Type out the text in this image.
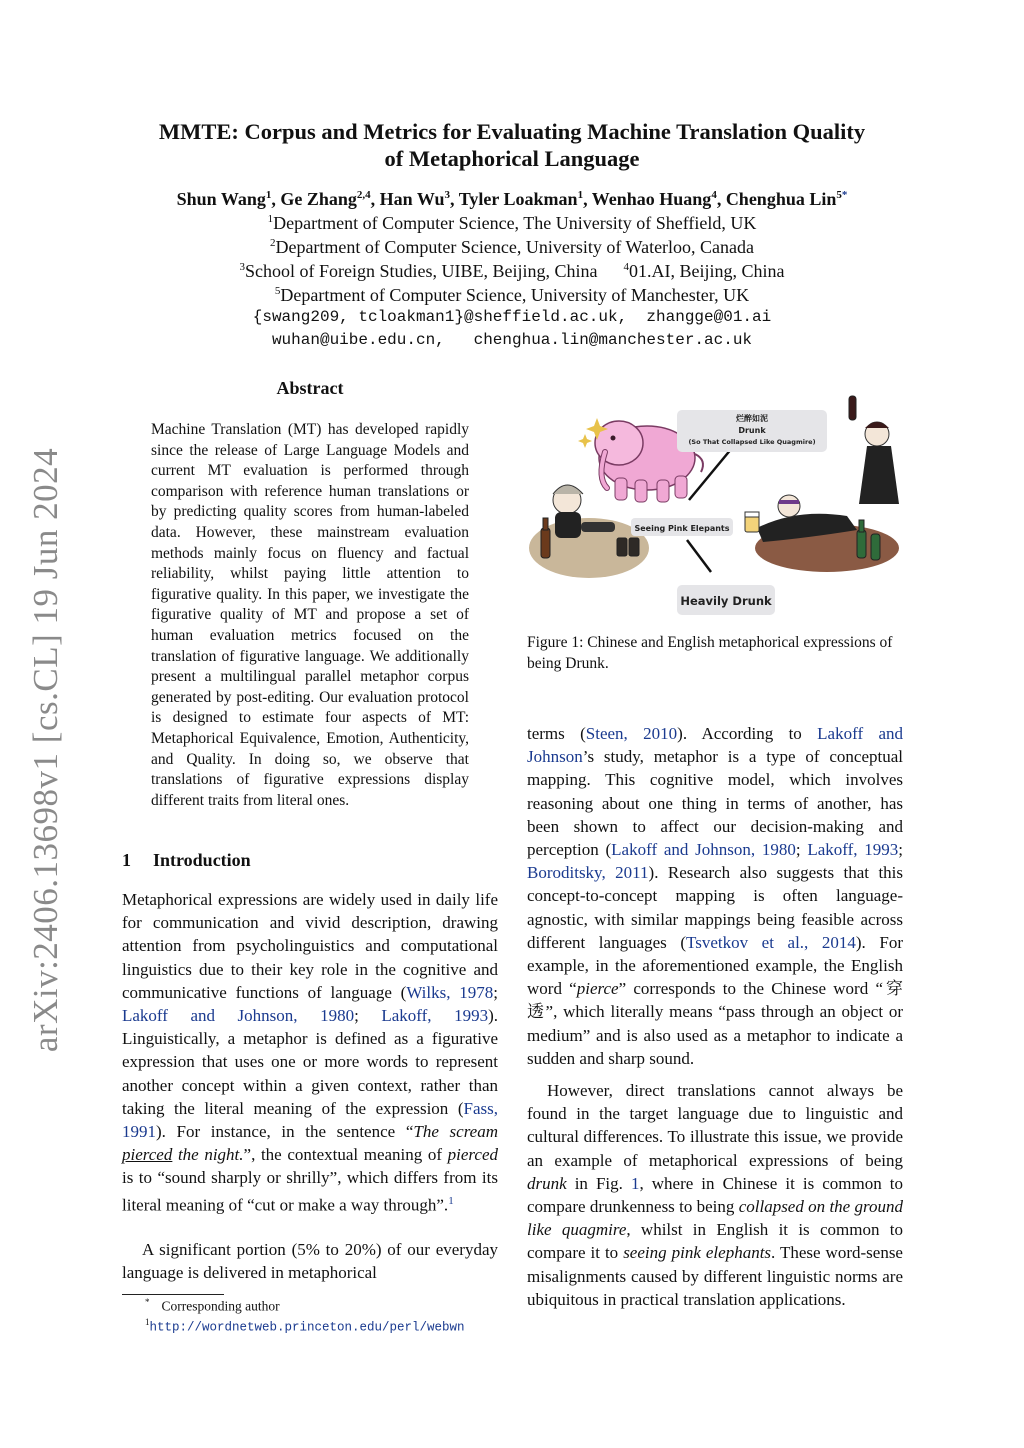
arXiv:2406.13698v1 [cs.CL] 19 Jun 2024
MMTE: Corpus and Metrics for Evaluating Machine Translation Quality
of Metaphorical Language
Shun Wang$^1$, Ge Zhang$^{2,4}$, Han Wu$^3$, Tyler Loakman$^1$, Wenhao Huang$^4$, Chenghua Lin$^{5*}$
$^1$Department of Computer Science, The University of Sheffield, UK
$^2$Department of Computer Science, University of Waterloo, Canada
$^3$School of Foreign Studies, UIBE, Beijing, China $^4$01.AI, Beijing, China
$^5$Department of Computer Science, University of Manchester, UK
{swang209, tcloakman1}@sheffield.ac.uk,  zhangge@01.ai
wuhan@uibe.edu.cn,   chenghua.lin@manchester.ac.uk
Abstract
Machine Translation (MT) has developed rapidly since the release of Large Language Models and current MT evaluation is performed through comparison with reference human translations or by predicting quality scores from human-labeled data. However, these mainstream evaluation methods mainly focus on fluency and factual reliability, whilst paying little attention to figurative quality. In this paper, we investigate the figurative quality of MT and propose a set of human evaluation metrics focused on the translation of figurative language. We additionally present a multilingual parallel metaphor corpus generated by post-editing. Our evaluation protocol is designed to estimate four aspects of MT: Metaphorical Equivalence, Emotion, Authenticity, and Quality. In doing so, we observe that translations of figurative expressions display different traits from literal ones.
1 Introduction
Metaphorical expressions are widely used in daily life for communication and vivid description, drawing attention from psycholinguistics and computational linguistics due to their key role in the cognitive and communicative functions of language (Wilks, 1978; Lakoff and Johnson, 1980; Lakoff, 1993). Linguistically, a metaphor is defined as a figurative expression that uses one or more words to represent another concept within a given context, rather than taking the literal meaning of the expression (Fass, 1991). For instance, in the sentence “The scream pierced the night.”, the contextual meaning of pierced is to “sound sharply or shrilly”, which differs from its literal meaning of “cut or make a way through”.$^1$
A significant portion (5% to 20%) of our everyday language is delivered in metaphorical
* Corresponding author
$^1$http://wordnetweb.princeton.edu/perl/webwn
烂醉如泥
Drunk
(So That Collapsed Like Quagmire)
Seeing Pink Elepants
Heavily Drunk
Figure 1: Chinese and English metaphorical expressions of being Drunk.
terms (Steen, 2010). According to Lakoff and Johnson’s study, metaphor is a type of conceptual mapping. This cognitive model, which involves reasoning about one thing in terms of another, has been shown to affect our decision-making and perception (Lakoff and Johnson, 1980; Lakoff, 1993; Boroditsky, 2011). Research also suggests that this concept-to-concept mapping is often language-agnostic, with similar mappings being feasible across different languages (Tsvetkov et al., 2014). For example, in the aforementioned example, the English word “pierce” corresponds to the Chinese word “穿透”, which literally means “pass through an object or medium” and is also used as a metaphor to indicate a sudden and sharp sound.
However, direct translations cannot always be found in the target language due to linguistic and cultural differences. To illustrate this issue, we provide an example of metaphorical expressions of being drunk in Fig. 1, where in Chinese it is common to compare drunkenness to being collapsed on the ground like quagmire, whilst in English it is common to compare it to seeing pink elephants. These word-sense misalignments caused by different linguistic norms are ubiquitous in practical translation applications.
